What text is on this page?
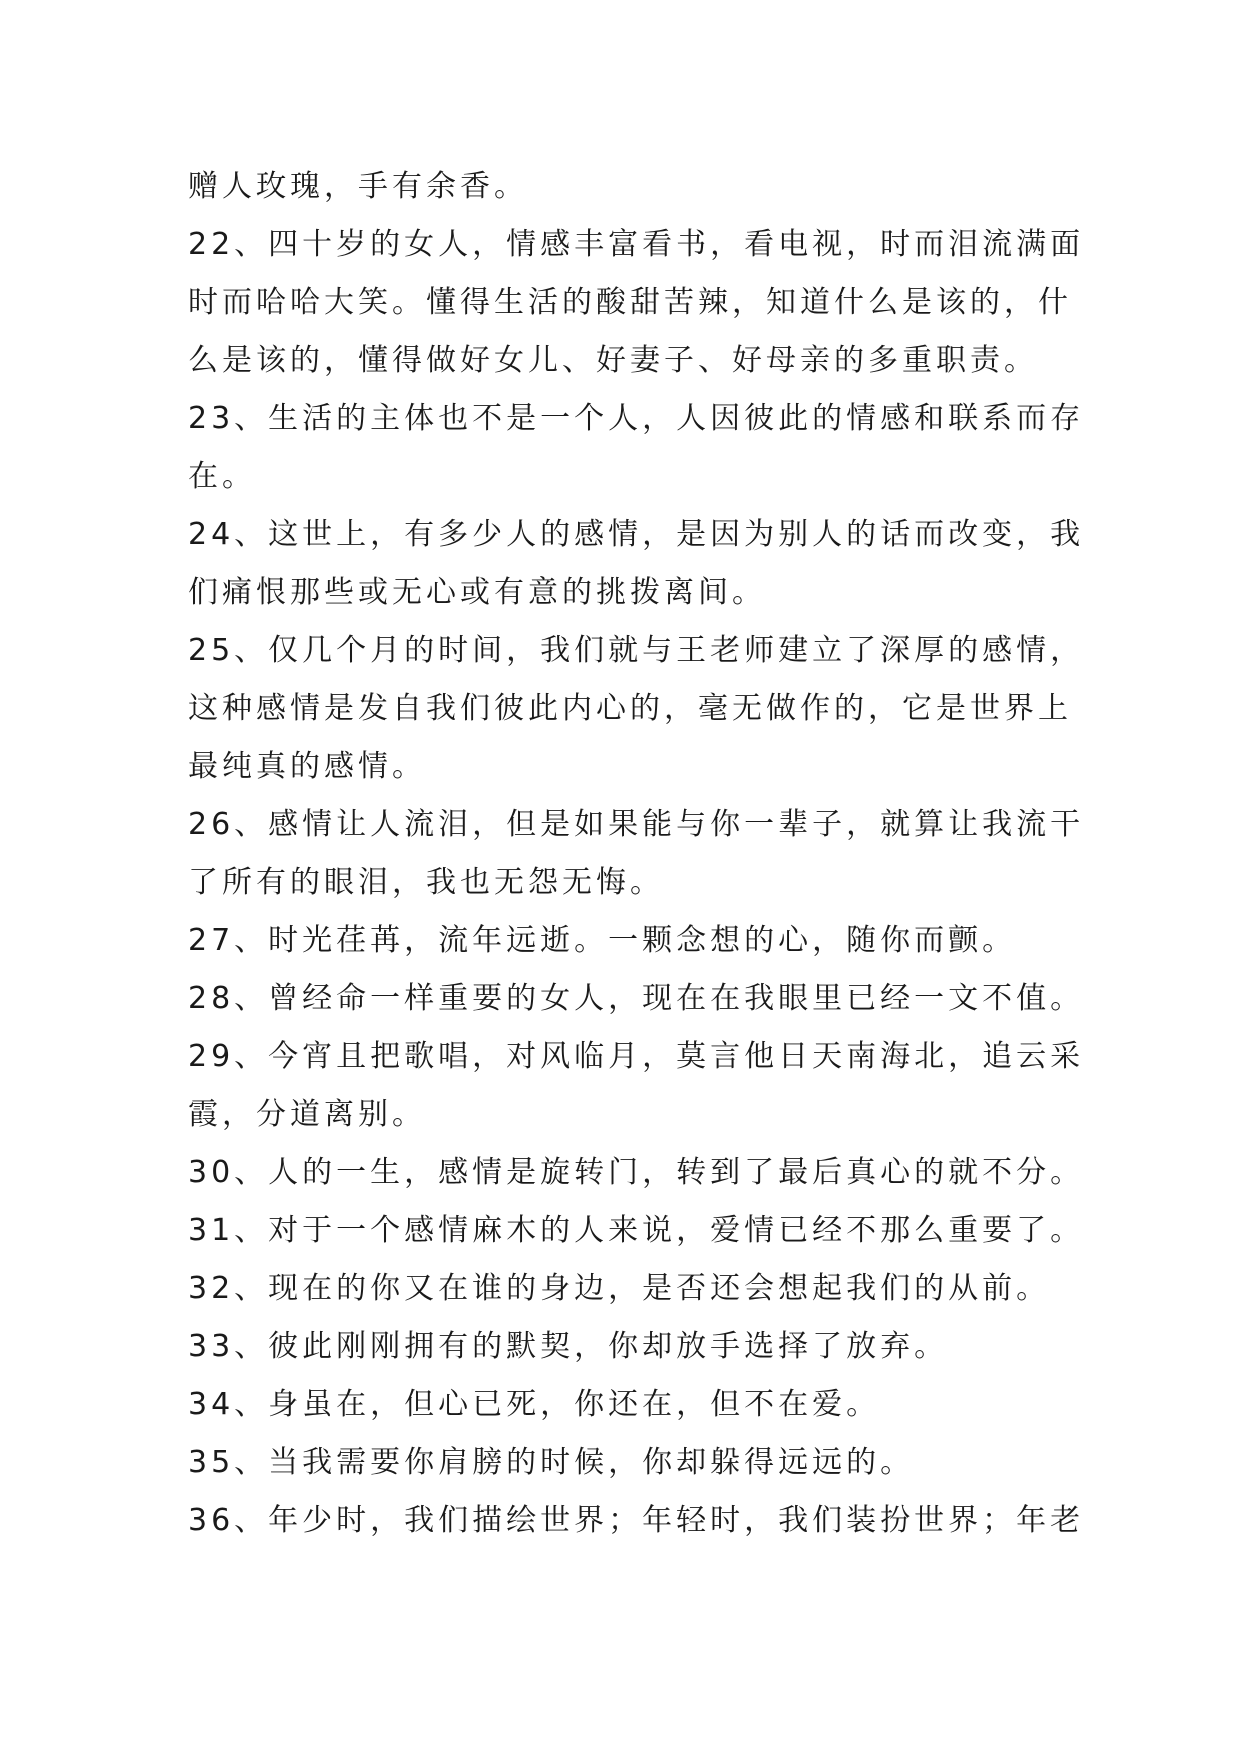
赠人玫瑰，手有余香。
22、四十岁的女人，情感丰富看书，看电视，时而泪流满面
时而哈哈大笑。懂得生活的酸甜苦辣，知道什么是该的，什
么是该的，懂得做好女儿、好妻子、好母亲的多重职责。
23、生活的主体也不是一个人，人因彼此的情感和联系而存
在。
24、这世上，有多少人的感情，是因为别人的话而改变，我
们痛恨那些或无心或有意的挑拨离间。
25、仅几个月的时间，我们就与王老师建立了深厚的感情，
这种感情是发自我们彼此内心的，毫无做作的，它是世界上
最纯真的感情。
26、感情让人流泪，但是如果能与你一辈子，就算让我流干
了所有的眼泪，我也无怨无悔。
27、时光荏苒，流年远逝。一颗念想的心，随你而颤。
28、曾经命一样重要的女人，现在在我眼里已经一文不值。
29、今宵且把歌唱，对风临月，莫言他日天南海北，追云采
霞，分道离别。
30、人的一生，感情是旋转门，转到了最后真心的就不分。
31、对于一个感情麻木的人来说，爱情已经不那么重要了。
32、现在的你又在谁的身边，是否还会想起我们的从前。
33、彼此刚刚拥有的默契，你却放手选择了放弃。
34、身虽在，但心已死，你还在，但不在爱。
35、当我需要你肩膀的时候，你却躲得远远的。
36、年少时，我们描绘世界；年轻时，我们装扮世界；年老
